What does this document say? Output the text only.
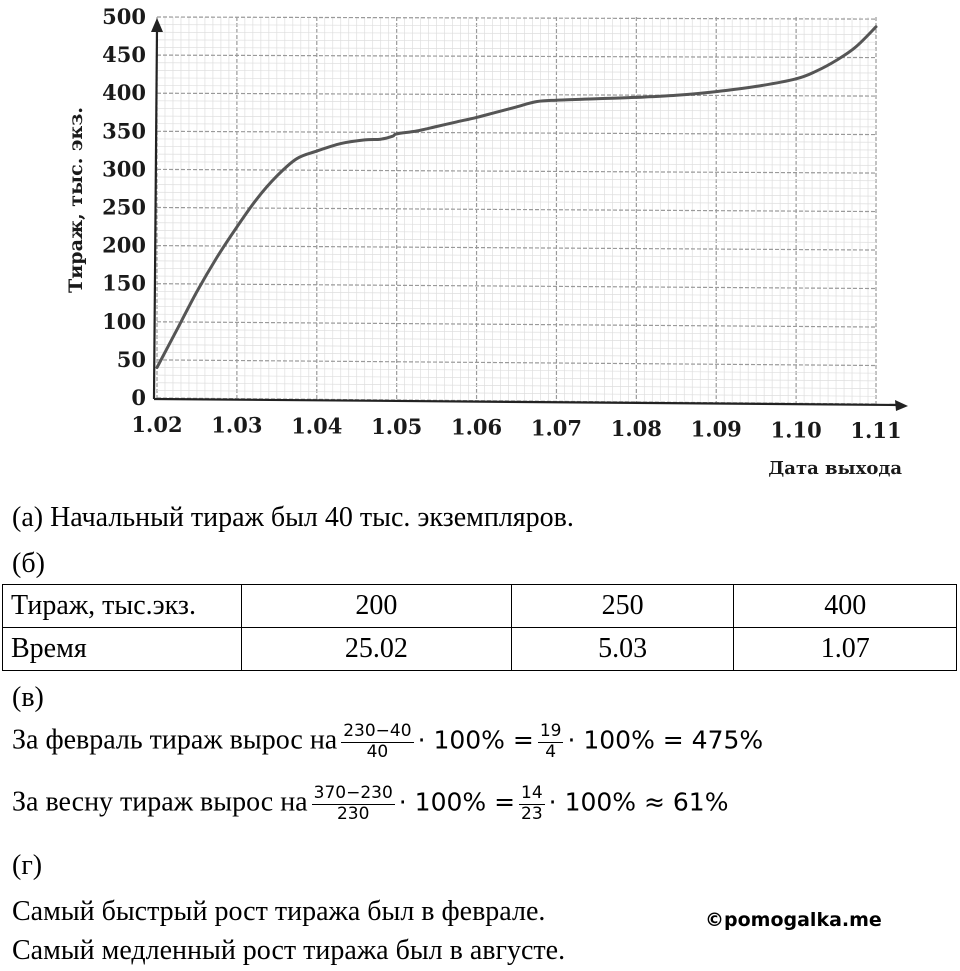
0
50
100
150
200
250
300
350
400
450
500
1.02 1.03 1.04 1.05 1.06 1.07 1.08 1.09 1.10 1.11
Тираж, тыс. экз.
Дата выхода
(а) Начальный тираж был 40 тыс. экземпляров.
(б)
Тираж, тыс.экз.	200	250	400
Время	25.02	5.03	1.07
(в)
За февраль тираж вырос на $\frac{230-40}{40} \cdot 100\% = \frac{19}{4} \cdot 100\% = 475\%$
За весну тираж вырос на $\frac{370-230}{230} \cdot 100\% = \frac{14}{23} \cdot 100\% \approx 61\%$
(г)
Самый быстрый рост тиража был в феврале.	©pomogalka.me
Самый медленный рост тиража был в августе.
